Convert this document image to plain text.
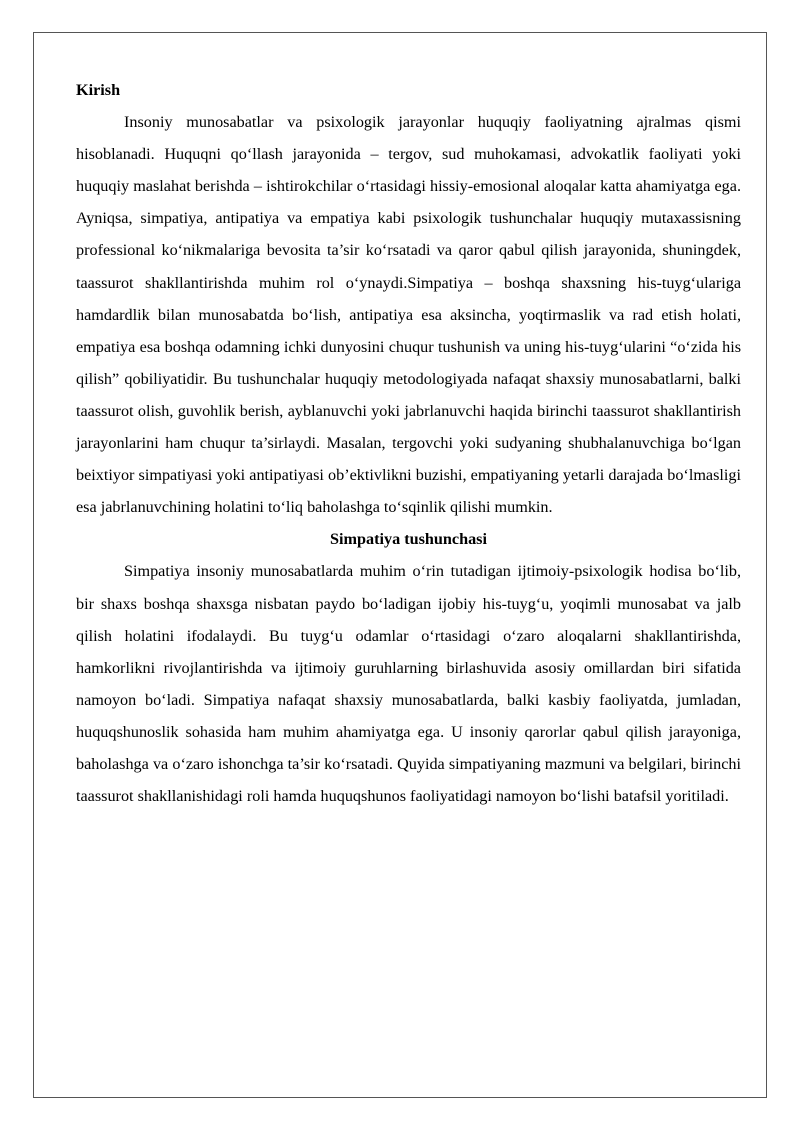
Kirish

Insoniy munosabatlar va psixologik jarayonlar huquqiy faoliyatning ajralmas qismi hisoblanadi. Huquqni qo‘llash jarayonida – tergov, sud muhokamasi, advokatlik faoliyati yoki huquqiy maslahat berishda – ishtirokchilar o‘rtasidagi hissiy-emosional aloqalar katta ahamiyatga ega. Ayniqsa, simpatiya, antipatiya va empatiya kabi psixologik tushunchalar huquqiy mutaxassisning professional ko‘nikmalariga bevosita ta’sir ko‘rsatadi va qaror qabul qilish jarayonida, shuningdek, taassurot shakllantirishda muhim rol o‘ynaydi.Simpatiya – boshqa shaxsning his-tuyg‘ulariga hamdardlik bilan munosabatda bo‘lish, antipatiya esa aksincha, yoqtirmaslik va rad etish holati, empatiya esa boshqa odamning ichki dunyosini chuqur tushunish va uning his-tuyg‘ularini “o‘zida his qilish” qobiliyatidir. Bu tushunchalar huquqiy metodologiyada nafaqat shaxsiy munosabatlarni, balki taassurot olish, guvohlik berish, ayblanuvchi yoki jabrlanuvchi haqida birinchi taassurot shakllantirish jarayonlarini ham chuqur ta’sirlaydi. Masalan, tergovchi yoki sudyaning shubhalanuvchiga bo‘lgan beixtiyor simpatiyasi yoki antipatiyasi ob’ektivlikni buzishi, empatiyaning yetarli darajada bo‘lmasligi esa jabrlanuvchining holatini to‘liq baholashga to‘sqinlik qilishi mumkin.

Simpatiya tushunchasi

Simpatiya insoniy munosabatlarda muhim o‘rin tutadigan ijtimoiy-psixologik hodisa bo‘lib, bir shaxs boshqa shaxsga nisbatan paydo bo‘ladigan ijobiy his-tuyg‘u, yoqimli munosabat va jalb qilish holatini ifodalaydi. Bu tuyg‘u odamlar o‘rtasidagi o‘zaro aloqalarni shakllantirishda, hamkorlikni rivojlantirishda va ijtimoiy guruhlarning birlashuvida asosiy omillardan biri sifatida namoyon bo‘ladi. Simpatiya nafaqat shaxsiy munosabatlarda, balki kasbiy faoliyatda, jumladan, huquqshunoslik sohasida ham muhim ahamiyatga ega. U insoniy qarorlar qabul qilish jarayoniga, baholashga va o‘zaro ishonchga ta’sir ko‘rsatadi. Quyida simpatiyaning mazmuni va belgilari, birinchi taassurot shakllanishidagi roli hamda huquqshunos faoliyatidagi namoyon bo‘lishi batafsil yoritiladi.
